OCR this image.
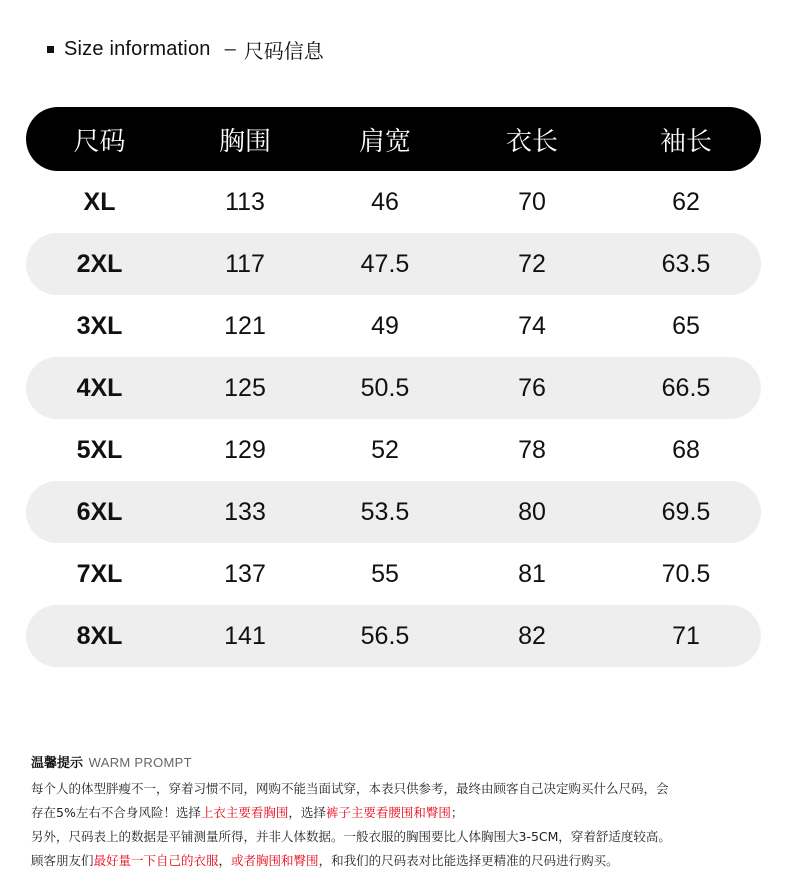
Size information – 尺码信息
尺码	胸围	肩宽	衣长	袖长
XL	113	46	70	62
2XL	117	47.5	72	63.5
3XL	121	49	74	65
4XL	125	50.5	76	66.5
5XL	129	52	78	68
6XL	133	53.5	80	69.5
7XL	137	55	81	70.5
8XL	141	56.5	82	71
温馨提示 WARM PROMPT
每个人的体型胖瘦不一，穿着习惯不同，网购不能当面试穿，本表只供参考，最终由顾客自己决定购买什么尺码，会
存在5%左右不合身风险！选择上衣主要看胸围，选择裤子主要看腰围和臀围；
另外，尺码表上的数据是平铺测量所得，并非人体数据。一般衣服的胸围要比人体胸围大3-5CM，穿着舒适度较高。
顾客朋友们最好量一下自己的衣服，或者胸围和臀围，和我们的尺码表对比能选择更精准的尺码进行购买。
